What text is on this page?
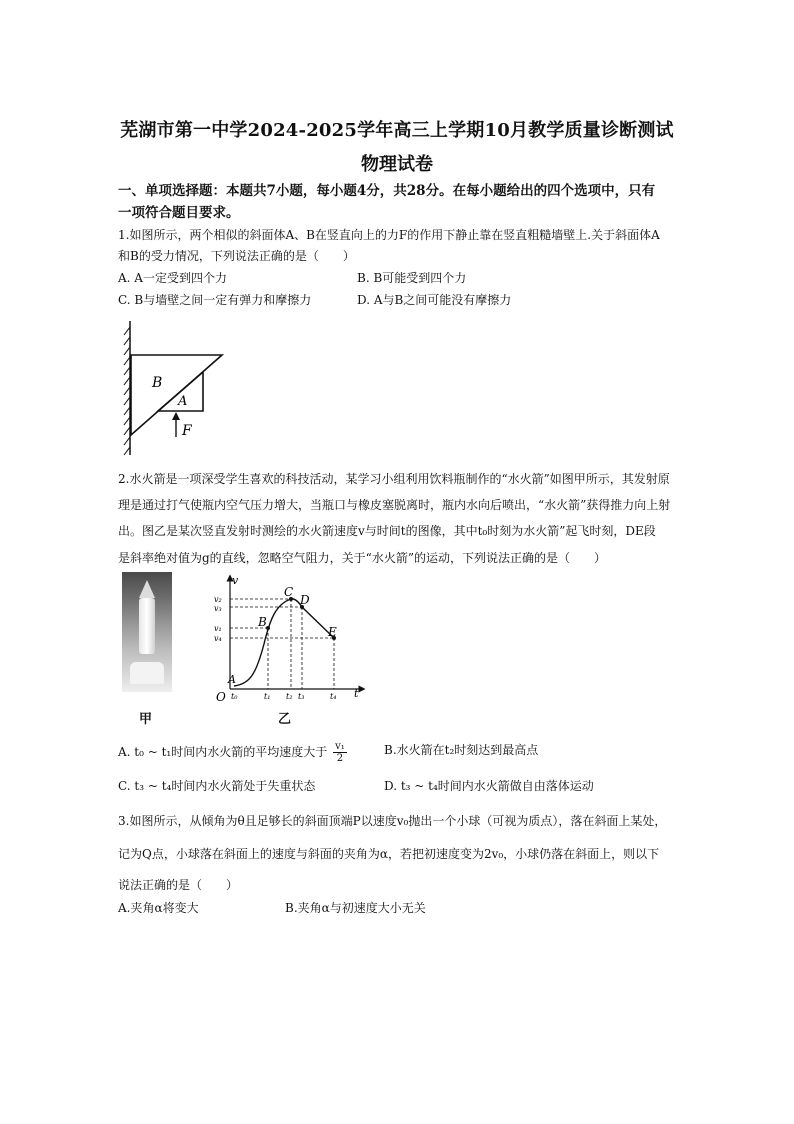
芜湖市第一中学2024-2025学年高三上学期10月教学质量诊断测试
物理试卷
一、单项选择题：本题共7小题，每小题4分，共28分。在每小题给出的四个选项中，只有
一项符合题目要求。
1.如图所示，两个相似的斜面体A、B在竖直向上的力F的作用下静止靠在竖直粗糙墙壁上.关于斜面体A
和B的受力情况，下列说法正确的是（　　）
A. A一定受到四个力	B. B可能受到四个力
C. B与墙壁之间一定有弹力和摩擦力	D. A与B之间可能没有摩擦力
B
A
F
2.水火箭是一项深受学生喜欢的科技活动，某学习小组利用饮料瓶制作的“水火箭”如图甲所示，其发射原
理是通过打气使瓶内空气压力增大，当瓶口与橡皮塞脱离时，瓶内水向后喷出，“水火箭”获得推力向上射
出。图乙是某次竖直发射时测绘的水火箭速度v与时间t的图像，其中t₀时刻为水火箭”起飞时刻，DE段
是斜率绝对值为g的直线，忽略空气阻力，关于“水火箭”的运动，下列说法正确的是（　　）
甲
v
t
O
A
B
C
D
E
v₂
v₃
v₁
v₄
t₀	t₁ t₂ t₃	t₄
乙
A. t₀ ~ t₁时间内水火箭的平均速度大于 $\frac{\text{v₁}}{2}$	B.水火箭在t₂时刻达到最高点
C. t₃ ~ t₄时间内水火箭处于失重状态	D. t₃ ~ t₄时间内水火箭做自由落体运动
3.如图所示，从倾角为θ且足够长的斜面顶端P以速度v₀抛出一个小球（可视为质点），落在斜面上某处，
记为Q点，小球落在斜面上的速度与斜面的夹角为α，若把初速度变为2v₀，小球仍落在斜面上，则以下
说法正确的是（　　）
A.夹角α将变大	B.夹角α与初速度大小无关
